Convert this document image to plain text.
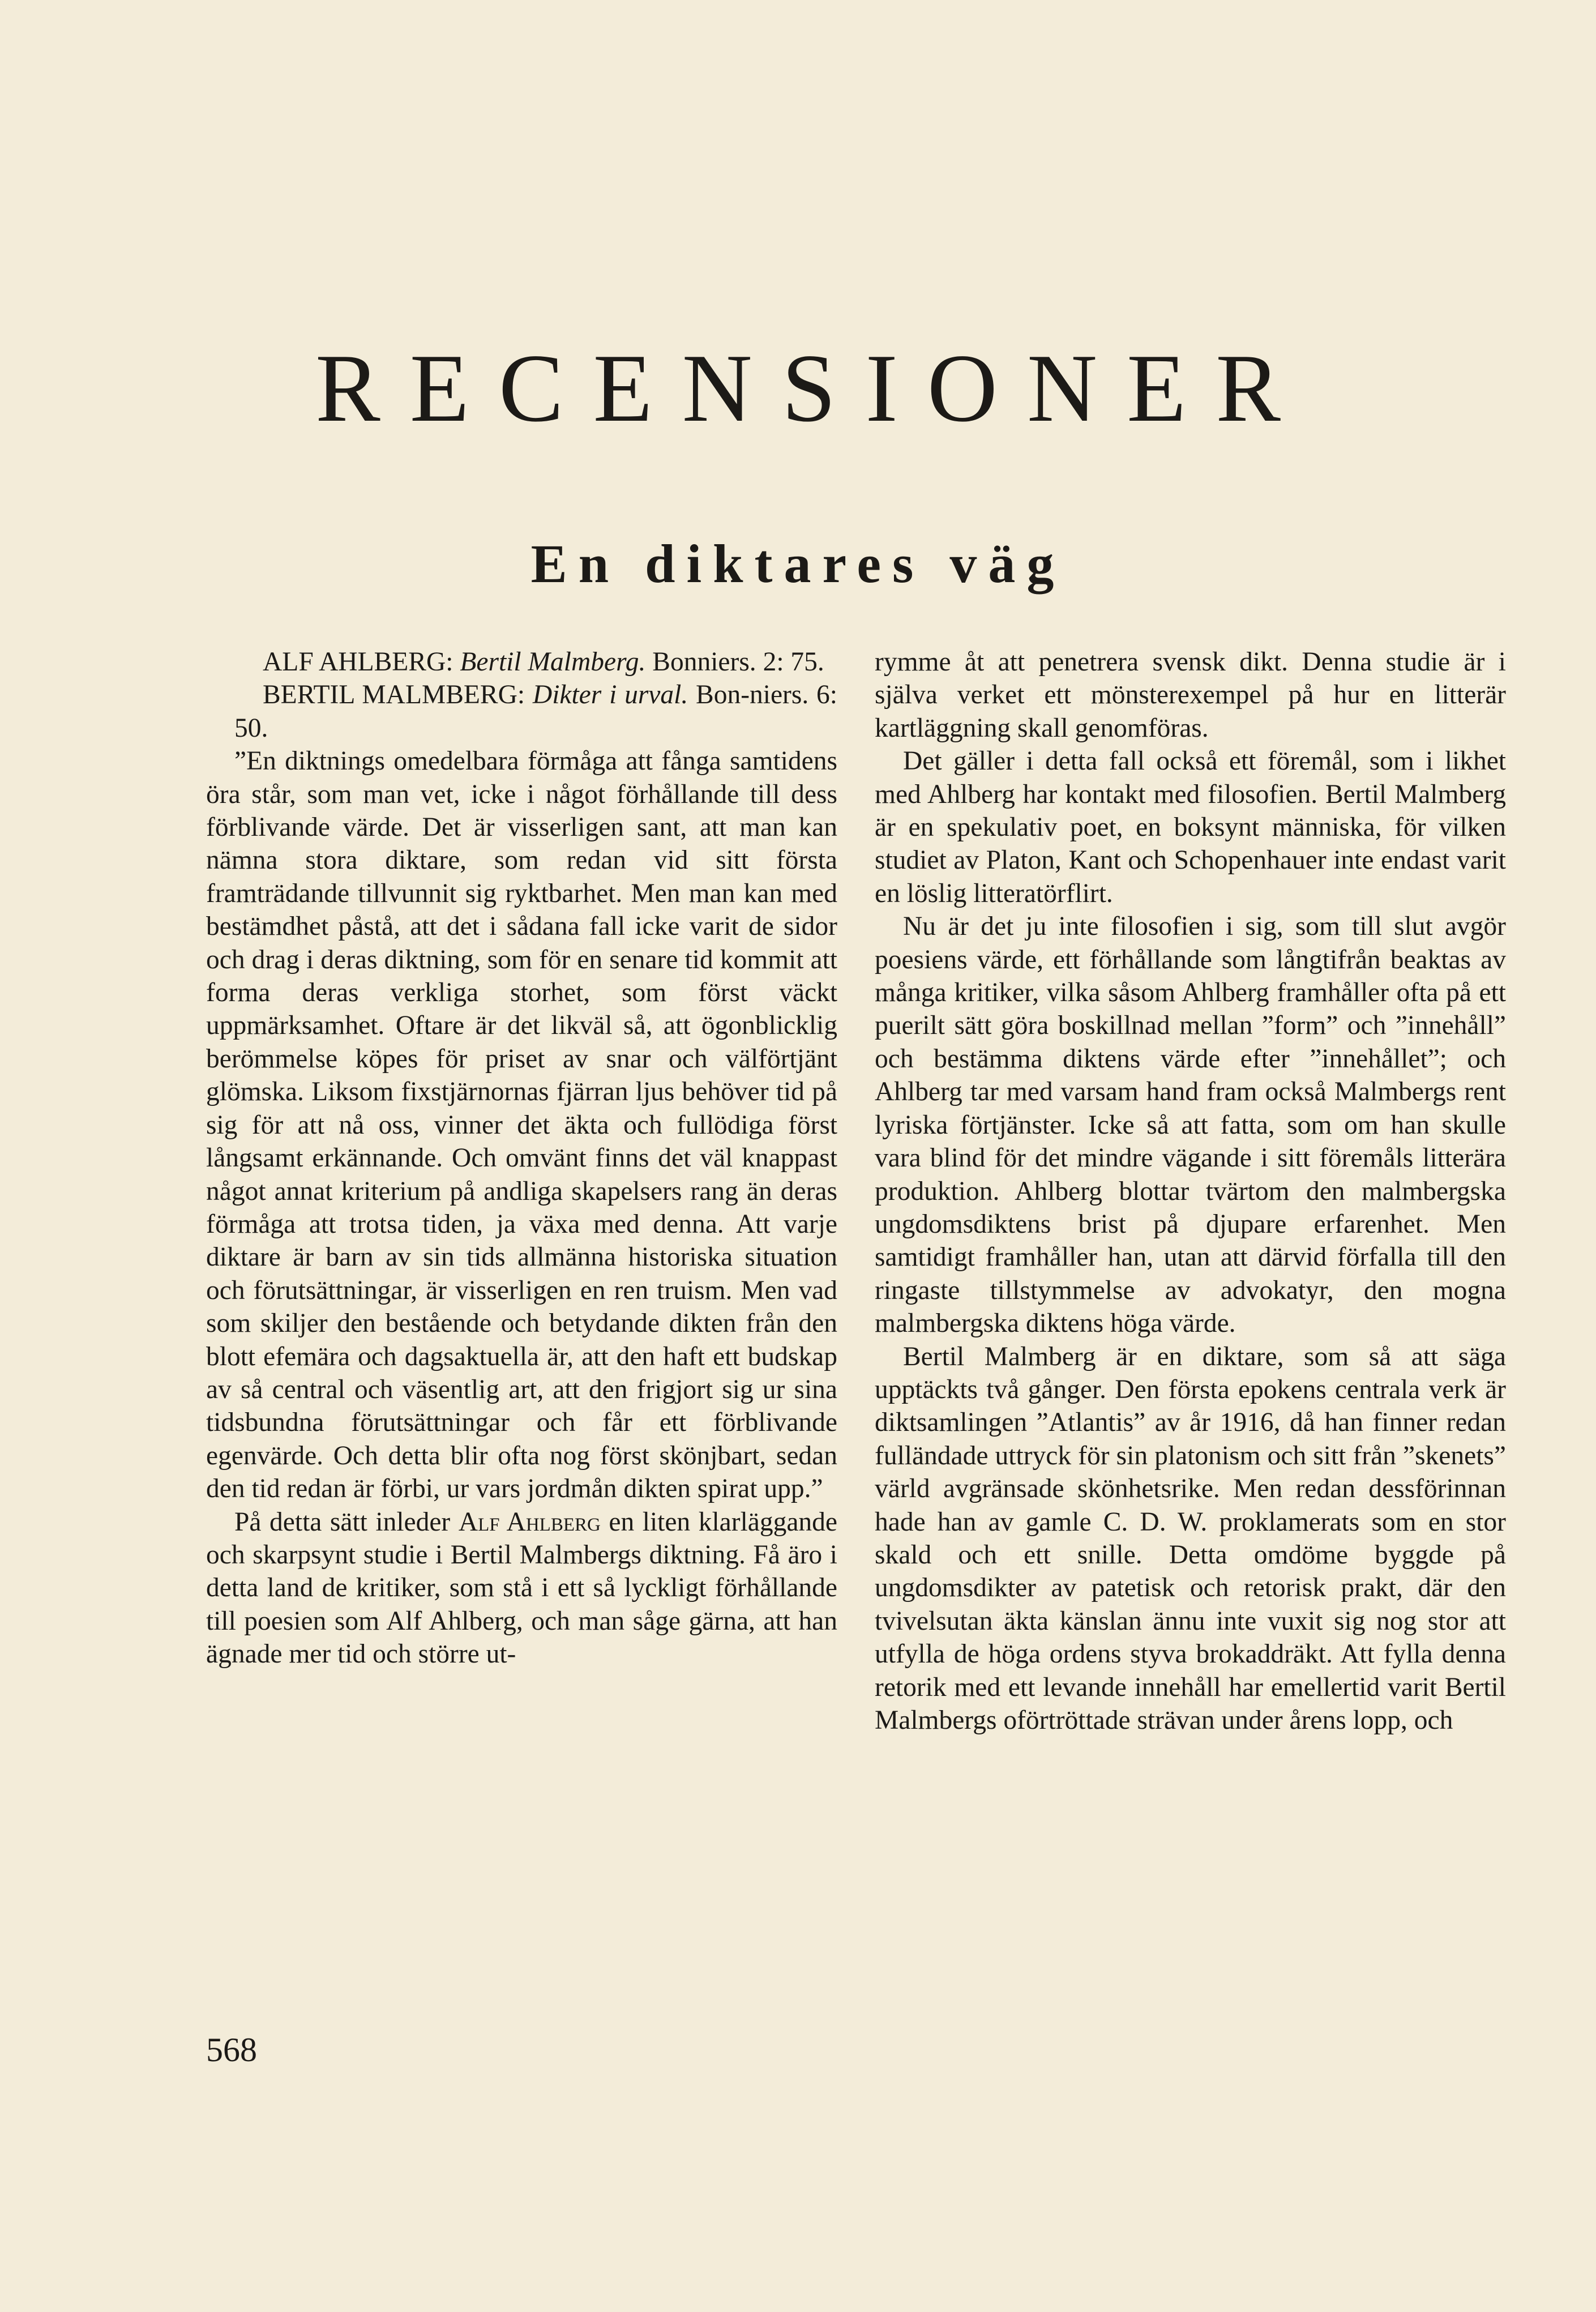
RECENSIONER
En diktares väg

ALF AHLBERG: Bertil Malmberg. Bonniers. 2: 75.

BERTIL MALMBERG: Dikter i urval. Bon-niers. 6: 50.

”En diktnings omedelbara förmåga att fånga samtidens öra står, som man vet, icke i något förhållande till dess förblivande värde. Det är visserligen sant, att man kan nämna stora diktare, som redan vid sitt första framträdande tillvunnit sig ryktbarhet. Men man kan med bestämdhet påstå, att det i sådana fall icke varit de sidor och drag i deras diktning, som för en senare tid kommit att forma deras verkliga storhet, som först väckt uppmärksamhet. Oftare är det likväl så, att ögonblicklig berömmelse köpes för priset av snar och välförtjänt glömska. Liksom fixstjärnornas fjärran ljus behöver tid på sig för att nå oss, vinner det äkta och fullödiga först långsamt erkännande. Och omvänt finns det väl knappast något annat kriterium på andliga skapelsers rang än deras förmåga att trotsa tiden, ja växa med denna. Att varje diktare är barn av sin tids allmänna historiska situation och förutsättningar, är visserligen en ren truism. Men vad som skiljer den bestående och betydande dikten från den blott efemära och dagsaktuella är, att den haft ett budskap av så central och väsentlig art, att den frigjort sig ur sina tidsbundna förutsättningar och får ett förblivande egenvärde. Och detta blir ofta nog först skönjbart, sedan den tid redan är förbi, ur vars jordmån dikten spirat upp.”

På detta sätt inleder Alf Ahlberg en liten klarläggande och skarpsynt studie i Bertil Malmbergs diktning. Få äro i detta land de kritiker, som stå i ett så lyckligt förhållande till poesien som Alf Ahlberg, och man såge gärna, att han ägnade mer tid och större ut-

rymme åt att penetrera svensk dikt. Denna studie är i själva verket ett mönsterexempel på hur en litterär kartläggning skall genomföras.

Det gäller i detta fall också ett föremål, som i likhet med Ahlberg har kontakt med filosofien. Bertil Malmberg är en spekulativ poet, en boksynt människa, för vilken studiet av Platon, Kant och Schopenhauer inte endast varit en löslig litteratörflirt.

Nu är det ju inte filosofien i sig, som till slut avgör poesiens värde, ett förhållande som långtifrån beaktas av många kritiker, vilka såsom Ahlberg framhåller ofta på ett puerilt sätt göra boskillnad mellan ”form” och ”innehåll” och bestämma diktens värde efter ”innehållet”; och Ahlberg tar med varsam hand fram också Malmbergs rent lyriska förtjänster. Icke så att fatta, som om han skulle vara blind för det mindre vägande i sitt föremåls litterära produktion. Ahlberg blottar tvärtom den malmbergska ungdomsdiktens brist på djupare erfarenhet. Men samtidigt framhåller han, utan att därvid förfalla till den ringaste tillstymmelse av advokatyr, den mogna malmbergska diktens höga värde.

Bertil Malmberg är en diktare, som så att säga upptäckts två gånger. Den första epokens centrala verk är diktsamlingen ”Atlantis” av år 1916, då han finner redan fulländade uttryck för sin platonism och sitt från ”skenets” värld avgränsade skönhetsrike. Men redan dessförinnan hade han av gamle C. D. W. proklamerats som en stor skald och ett snille. Detta omdöme byggde på ungdomsdikter av patetisk och retorisk prakt, där den tvivelsutan äkta känslan ännu inte vuxit sig nog stor att utfylla de höga ordens styva brokaddräkt. Att fylla denna retorik med ett levande innehåll har emellertid varit Bertil Malmbergs oförtröttade strävan under årens lopp, och

568
